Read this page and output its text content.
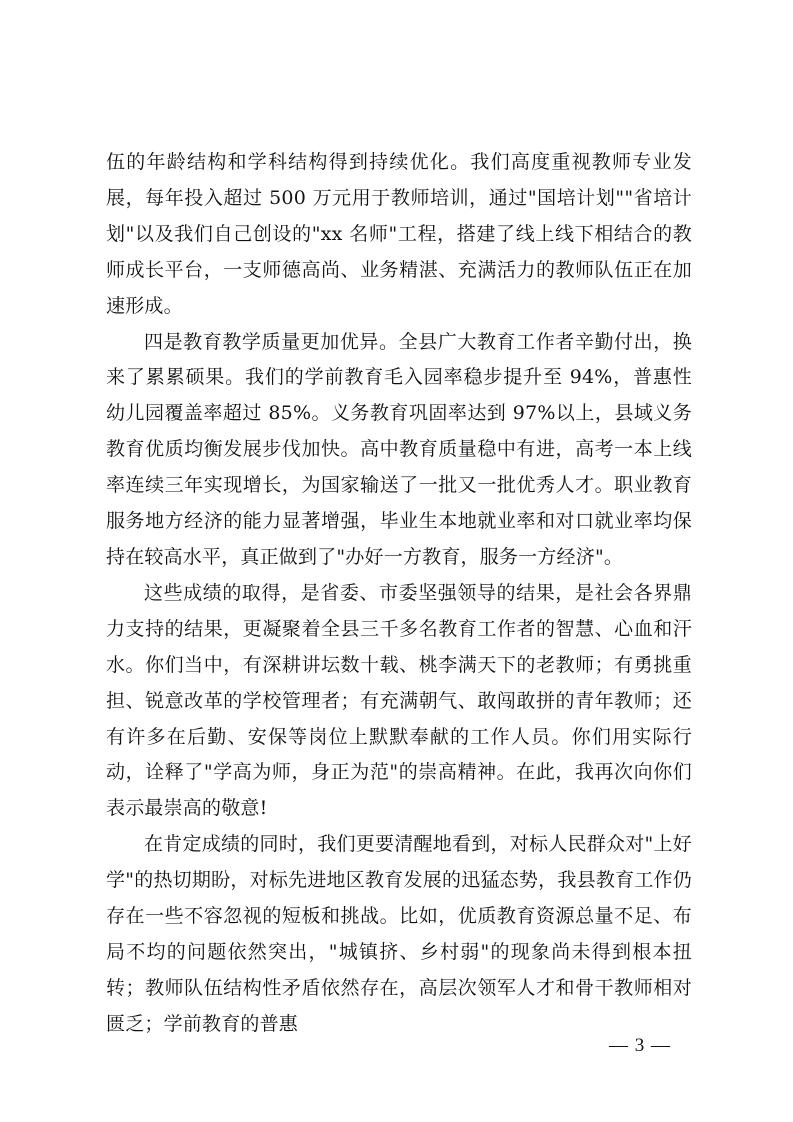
伍的年龄结构和学科结构得到持续优化。我们高度重视教师专业发展，每年投入超过 500 万元用于教师培训，通过"国培计划""省培计划"以及我们自己创设的"xx 名师"工程，搭建了线上线下相结合的教师成长平台，一支师德高尚、业务精湛、充满活力的教师队伍正在加速形成。

四是教育教学质量更加优异。全县广大教育工作者辛勤付出，换来了累累硕果。我们的学前教育毛入园率稳步提升至 94%，普惠性幼儿园覆盖率超过 85%。义务教育巩固率达到 97%以上，县域义务教育优质均衡发展步伐加快。高中教育质量稳中有进，高考一本上线率连续三年实现增长，为国家输送了一批又一批优秀人才。职业教育服务地方经济的能力显著增强，毕业生本地就业率和对口就业率均保持在较高水平，真正做到了"办好一方教育，服务一方经济"。

这些成绩的取得，是省委、市委坚强领导的结果，是社会各界鼎力支持的结果，更凝聚着全县三千多名教育工作者的智慧、心血和汗水。你们当中，有深耕讲坛数十载、桃李满天下的老教师；有勇挑重担、锐意改革的学校管理者；有充满朝气、敢闯敢拼的青年教师；还有许多在后勤、安保等岗位上默默奉献的工作人员。你们用实际行动，诠释了"学高为师，身正为范"的崇高精神。在此，我再次向你们表示最崇高的敬意!

在肯定成绩的同时，我们更要清醒地看到，对标人民群众对"上好学"的热切期盼，对标先进地区教育发展的迅猛态势，我县教育工作仍存在一些不容忽视的短板和挑战。比如，优质教育资源总量不足、布局不均的问题依然突出，"城镇挤、乡村弱"的现象尚未得到根本扭转；教师队伍结构性矛盾依然存在，高层次领军人才和骨干教师相对匮乏；学前教育的普惠

— 3 —
